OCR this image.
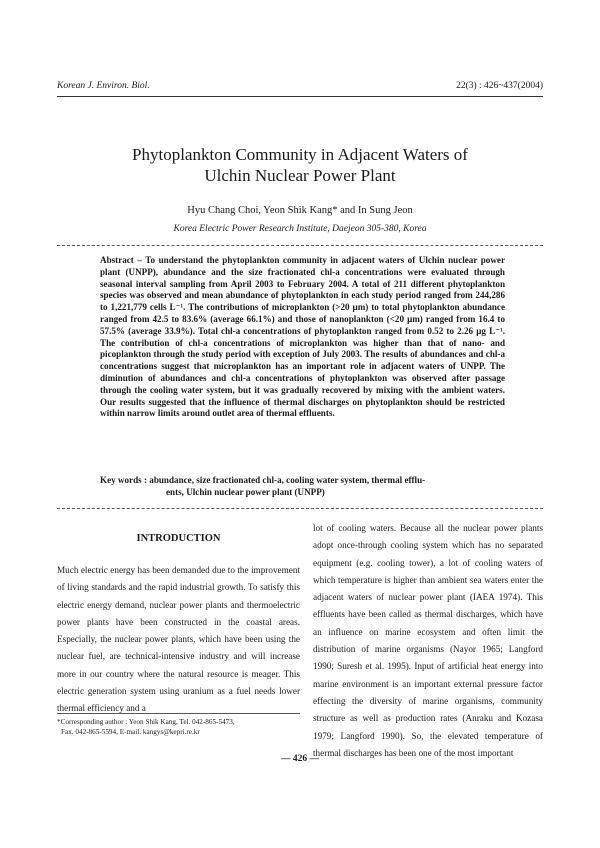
Korean J. Environ. Biol.	22(3) : 426~437(2004)
Phytoplankton Community in Adjacent Waters of
Ulchin Nuclear Power Plant
Hyu Chang Choi, Yeon Shik Kang* and In Sung Jeon
Korea Electric Power Research Institute, Daejeon 305-380, Korea
Abstract – To understand the phytoplankton community in adjacent waters of Ulchin nuclear power plant (UNPP), abundance and the size fractionated chl-a concentrations were evaluated through seasonal interval sampling from April 2003 to February 2004. A total of 211 different phytoplankton species was observed and mean abundance of phytoplankton in each study period ranged from 244,286 to 1,221,779 cells L⁻¹. The contributions of microplankton (>20 μm) to total phytoplankton abundance ranged from 42.5 to 83.6% (average 66.1%) and those of nanoplankton (<20 μm) ranged from 16.4 to 57.5% (average 33.9%). Total chl-a concentrations of phytoplankton ranged from 0.52 to 2.26 μg L⁻¹. The contribution of chl-a concentrations of microplankton was higher than that of nano- and picoplankton through the study period with exception of July 2003. The results of abundances and chl-a concentrations suggest that microplankton has an important role in adjacent waters of UNPP. The diminution of abundances and chl-a concentrations of phytoplankton was observed after passage through the cooling water system, but it was gradually recovered by mixing with the ambient waters. Our results suggested that the influence of thermal discharges on phytoplankton should be restricted within narrow limits around outlet area of thermal effluents.
Key words : abundance, size fractionated chl-a, cooling water system, thermal efflu-
ents, Ulchin nuclear power plant (UNPP)
INTRODUCTION
Much electric energy has been demanded due to the improvement of living standards and the rapid industrial growth. To satisfy this electric energy demand, nuclear power plants and thermoelectric power plants have been constructed in the coastal areas. Especially, the nuclear power plants, which have been using the nuclear fuel, are technical-intensive industry and will increase more in our country where the natural resource is meager. This electric generation system using uranium as a fuel needs lower thermal efficiency and a
lot of cooling waters. Because all the nuclear power plants adopt once-through cooling system which has no separated equipment (e.g. cooling tower), a lot of cooling waters of which temperature is higher than ambient sea waters enter the adjacent waters of nuclear power plant (IAEA 1974). This effluents have been called as thermal discharges, which have an influence on marine ecosystem and often limit the distribution of marine organisms (Nayor 1965; Langford 1990; Suresh et al. 1995). Input of artificial heat energy into marine environment is an important external pressure factor effecting the diversity of marine organisms, community structure as well as production rates (Anraku and Kozasa 1979; Langford 1990). So, the elevated temperature of thermal discharges has been one of the most important
*Corresponding author : Yeon Shik Kang, Tel. 042-865-5473,
Fax. 042-865-5594, E-mail. kangys@kepri.re.kr
— 426 —
